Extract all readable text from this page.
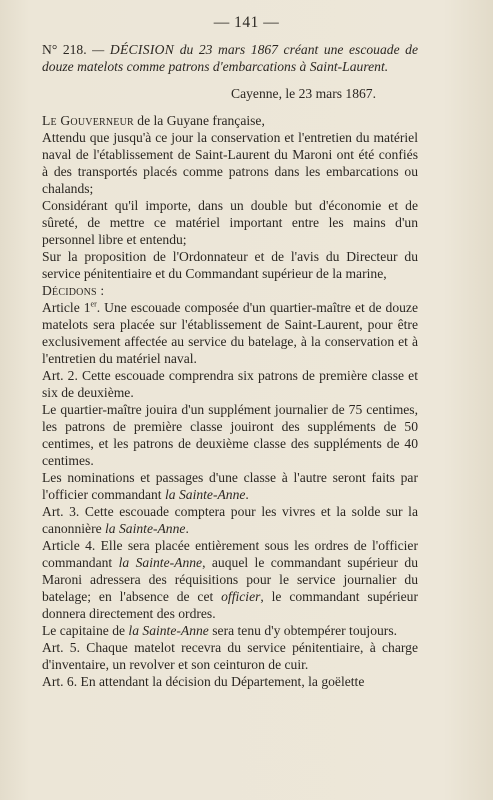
— 141 —

N° 218. — DÉCISION du 23 mars 1867 créant une escouade de douze matelots comme patrons d'embarcations à Saint-Laurent.

Cayenne, le 23 mars 1867.

Le Gouverneur de la Guyane française,

Attendu que jusqu'à ce jour la conservation et l'entretien du matériel naval de l'établissement de Saint-Laurent du Maroni ont été confiés à des transportés placés comme patrons dans les embarcations ou chalands;

Considérant qu'il importe, dans un double but d'économie et de sûreté, de mettre ce matériel important entre les mains d'un personnel libre et entendu;

Sur la proposition de l'Ordonnateur et de l'avis du Directeur du service pénitentiaire et du Commandant supérieur de la marine,

Décidons :

Article 1er. Une escouade composée d'un quartier-maître et de douze matelots sera placée sur l'établissement de Saint-Laurent, pour être exclusivement affectée au service du batelage, à la conservation et à l'entretien du matériel naval.

Art. 2. Cette escouade comprendra six patrons de première classe et six de deuxième.

Le quartier-maître jouira d'un supplément journalier de 75 centimes, les patrons de première classe jouiront des suppléments de 50 centimes, et les patrons de deuxième classe des suppléments de 40 centimes.

Les nominations et passages d'une classe à l'autre seront faits par l'officier commandant la Sainte-Anne.

Art. 3. Cette escouade comptera pour les vivres et la solde sur la canonnière la Sainte-Anne.

Article 4. Elle sera placée entièrement sous les ordres de l'officier commandant la Sainte-Anne, auquel le commandant supérieur du Maroni adressera des réquisitions pour le service journalier du batelage; en l'absence de cet officier, le commandant supérieur donnera directement des ordres.

Le capitaine de la Sainte-Anne sera tenu d'y obtempérer toujours.

Art. 5. Chaque matelot recevra du service pénitentiaire, à charge d'inventaire, un revolver et son ceinturon de cuir.

Art. 6. En attendant la décision du Département, la goëlette
